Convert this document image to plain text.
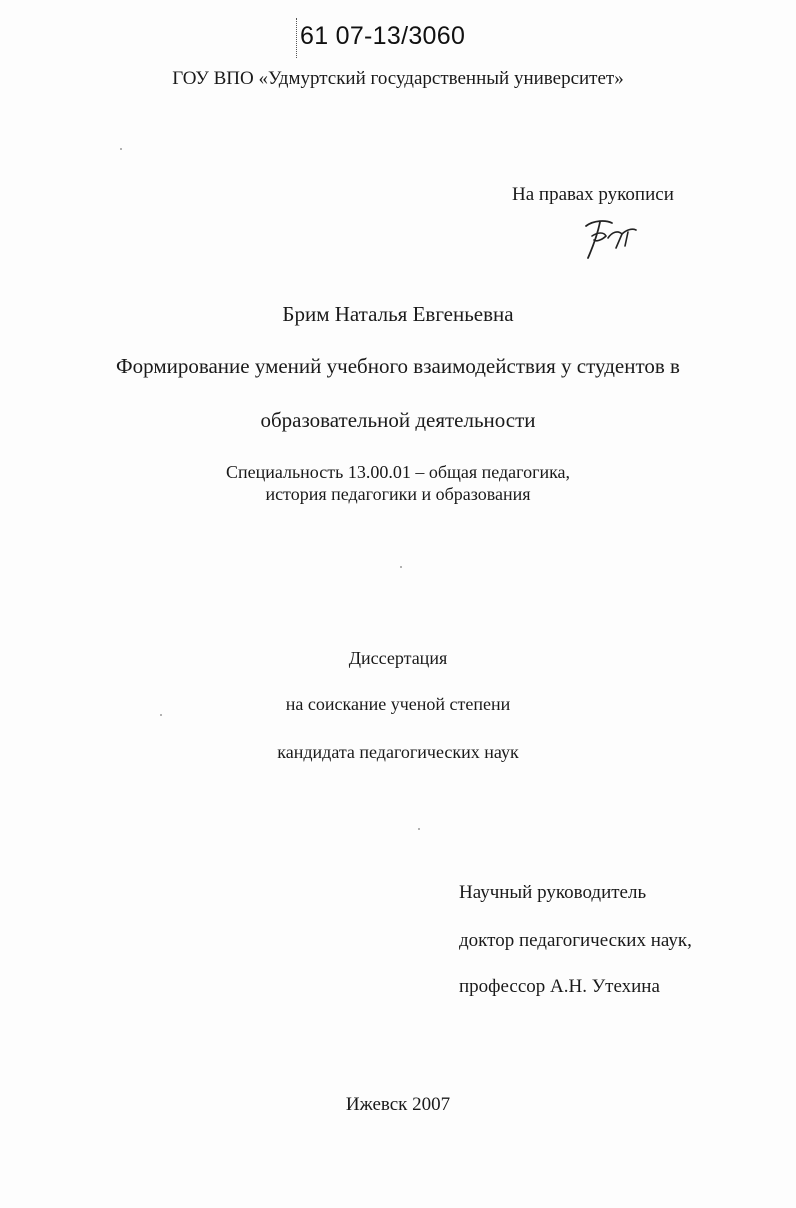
61 07-13/3060
ГОУ ВПО «Удмуртский государственный университет»
На правах рукописи
Брим Наталья Евгеньевна
Формирование умений учебного взаимодействия у студентов в
образовательной деятельности
Специальность 13.00.01 – общая педагогика,
история педагогики и образования
Диссертация
на соискание ученой степени
кандидата педагогических наук
Научный руководитель
доктор педагогических наук,
профессор А.Н. Утехина
Ижевск 2007
